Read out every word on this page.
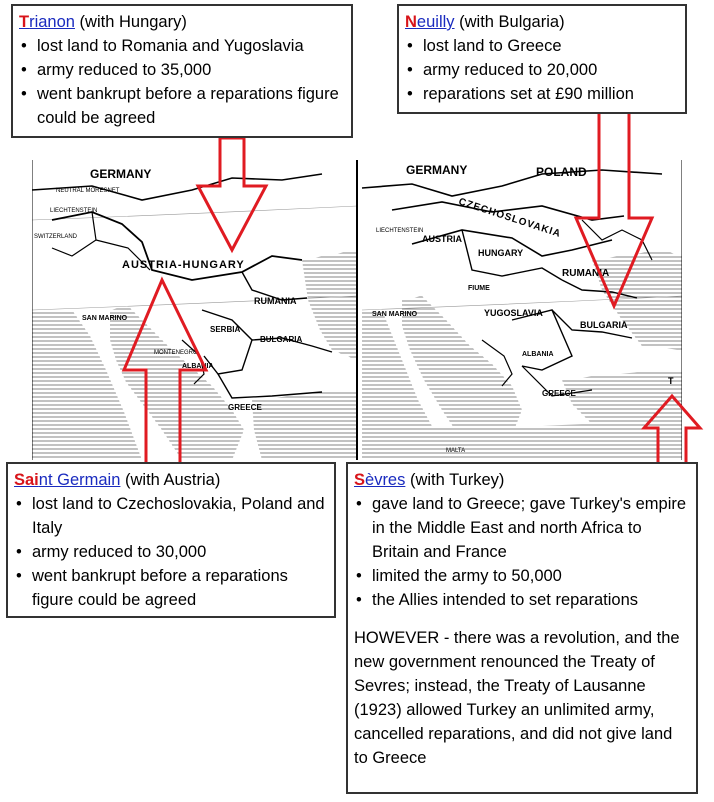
GERMANY
NEUTRAL MORESNET
LIECHTENSTEIN
SWITZERLAND
AUSTRIA-HUNGARY
RUMANIA
SAN MARINO
SERBIA
BULGARIA
MONTENEGRO
ALBANIA
GREECE
GERMANY	POLAND
CZECHOSLOVAKIA
LIECHTENSTEIN
AUSTRIA
HUNGARY
FIUME
RUMANIA
SAN MARINO	YUGOSLAVIA
BULGARIA
ALBANIA
GREECE
MALTA
T
Trianon (with Hungary)
• lost land to Romania and Yugoslavia
• army reduced to 35,000
• went bankrupt before a reparations figure could be agreed
Neuilly (with Bulgaria)
• lost land to Greece
• army reduced to 20,000
• reparations set at £90 million
Saint Germain (with Austria)
• lost land to Czechoslovakia, Poland and Italy
• army reduced to 30,000
• went bankrupt before a reparations figure could be agreed
Sèvres (with Turkey)
• gave land to Greece; gave Turkey's empire in the Middle East and north Africa to Britain and France
• limited the army to 50,000
• the Allies intended to set reparations

HOWEVER - there was a revolution, and the new government renounced the Treaty of Sevres; instead, the Treaty of Lausanne (1923) allowed Turkey an unlimited army, cancelled reparations, and did not give land to Greece
